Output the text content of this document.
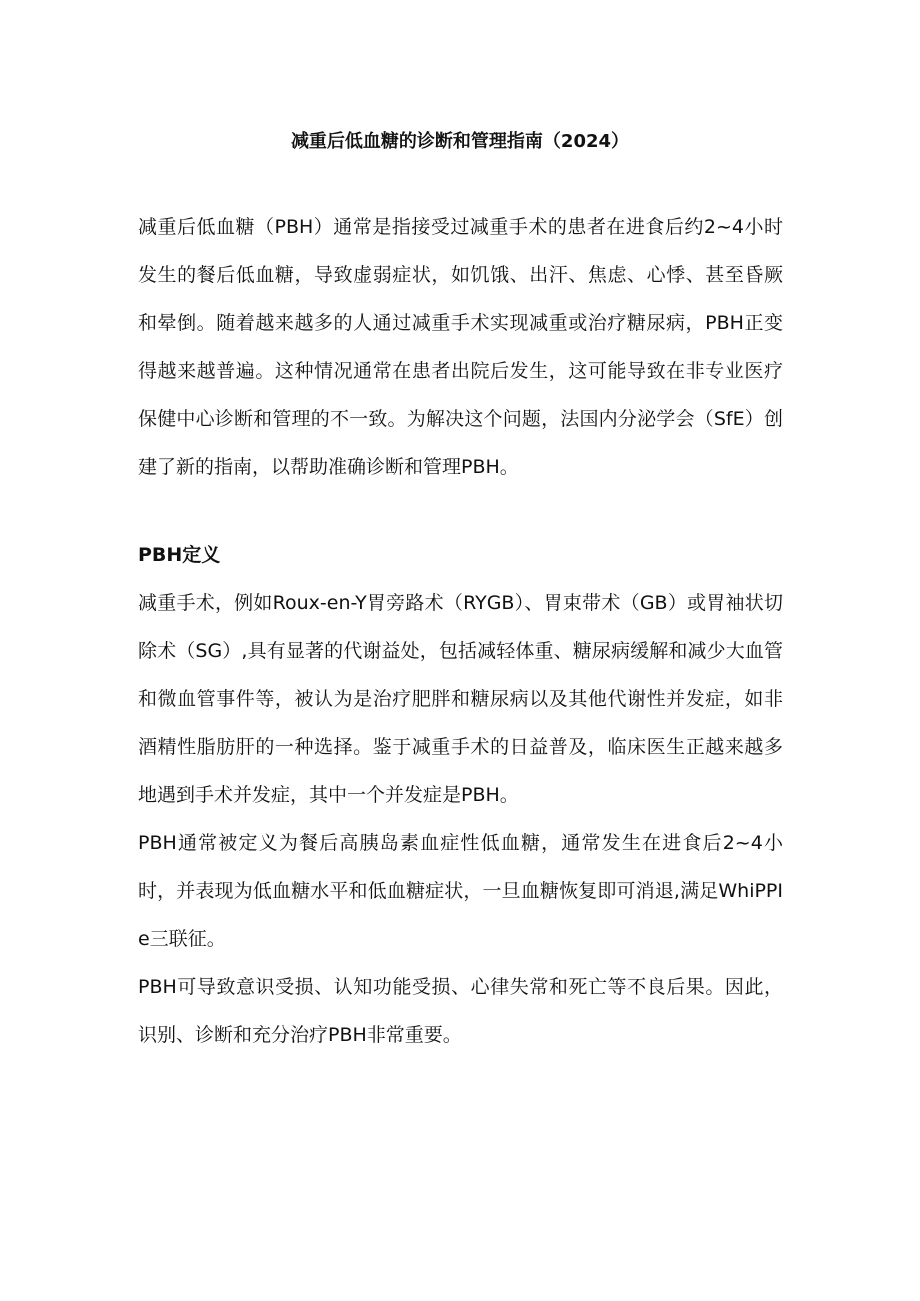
减重后低血糖的诊断和管理指南（2024）

减重后低血糖（PBH）通常是指接受过减重手术的患者在进食后约2~4小时发生的餐后低血糖，导致虚弱症状，如饥饿、出汗、焦虑、心悸、甚至昏厥和晕倒。随着越来越多的人通过减重手术实现减重或治疗糖尿病，PBH正变得越来越普遍。这种情况通常在患者出院后发生，这可能导致在非专业医疗保健中心诊断和管理的不一致。为解决这个问题，法国内分泌学会（SfE）创建了新的指南，以帮助准确诊断和管理PBH。

PBH定义

减重手术，例如Roux-en-Y胃旁路术（RYGB）、胃束带术（GB）或胃袖状切除术（SG）,具有显著的代谢益处，包括减轻体重、糖尿病缓解和减少大血管和微血管事件等，被认为是治疗肥胖和糖尿病以及其他代谢性并发症，如非酒精性脂肪肝的一种选择。鉴于减重手术的日益普及，临床医生正越来越多地遇到手术并发症，其中一个并发症是PBH。

PBH通常被定义为餐后高胰岛素血症性低血糖，通常发生在进食后2~4小时，并表现为低血糖水平和低血糖症状，一旦血糖恢复即可消退,满足WhiPPIe三联征。

PBH可导致意识受损、认知功能受损、心律失常和死亡等不良后果。因此，识别、诊断和充分治疗PBH非常重要。
